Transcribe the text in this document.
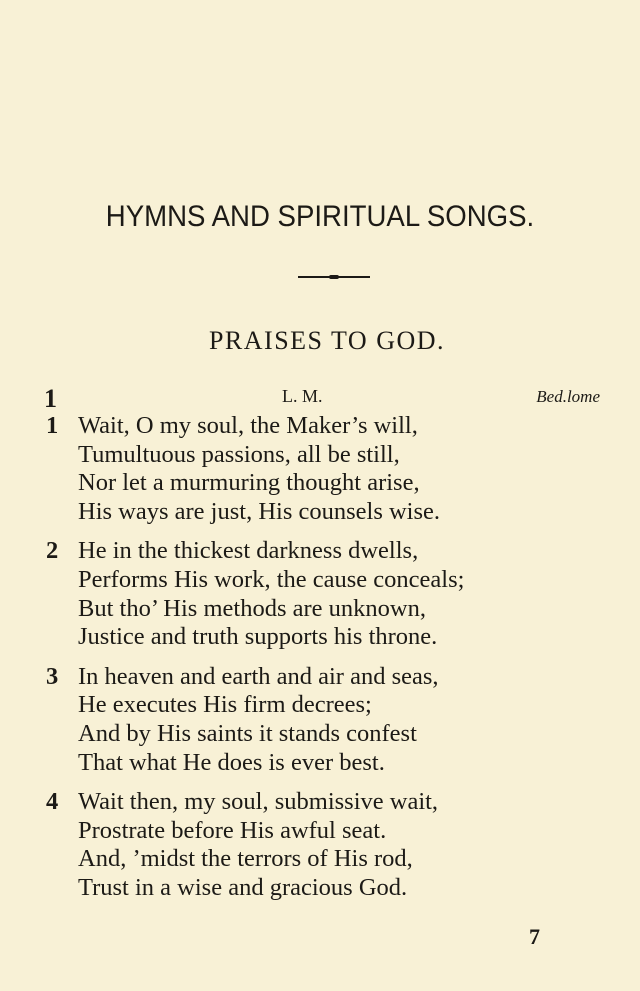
HYMNS AND SPIRITUAL SONGS.
PRAISES TO GOD.
1	L. M.	Bed.lome
1 Wait, O my soul, the Maker’s will,
Tumultuous passions, all be still,
Nor let a murmuring thought arise,
His ways are just, His counsels wise.
2 He in the thickest darkness dwells,
Performs His work, the cause conceals;
But tho’ His methods are unknown,
Justice and truth supports his throne.
3 In heaven and earth and air and seas,
He executes His firm decrees;
And by His saints it stands confest
That what He does is ever best.
4 Wait then, my soul, submissive wait,
Prostrate before His awful seat.
And, ’midst the terrors of His rod,
Trust in a wise and gracious God.
7
